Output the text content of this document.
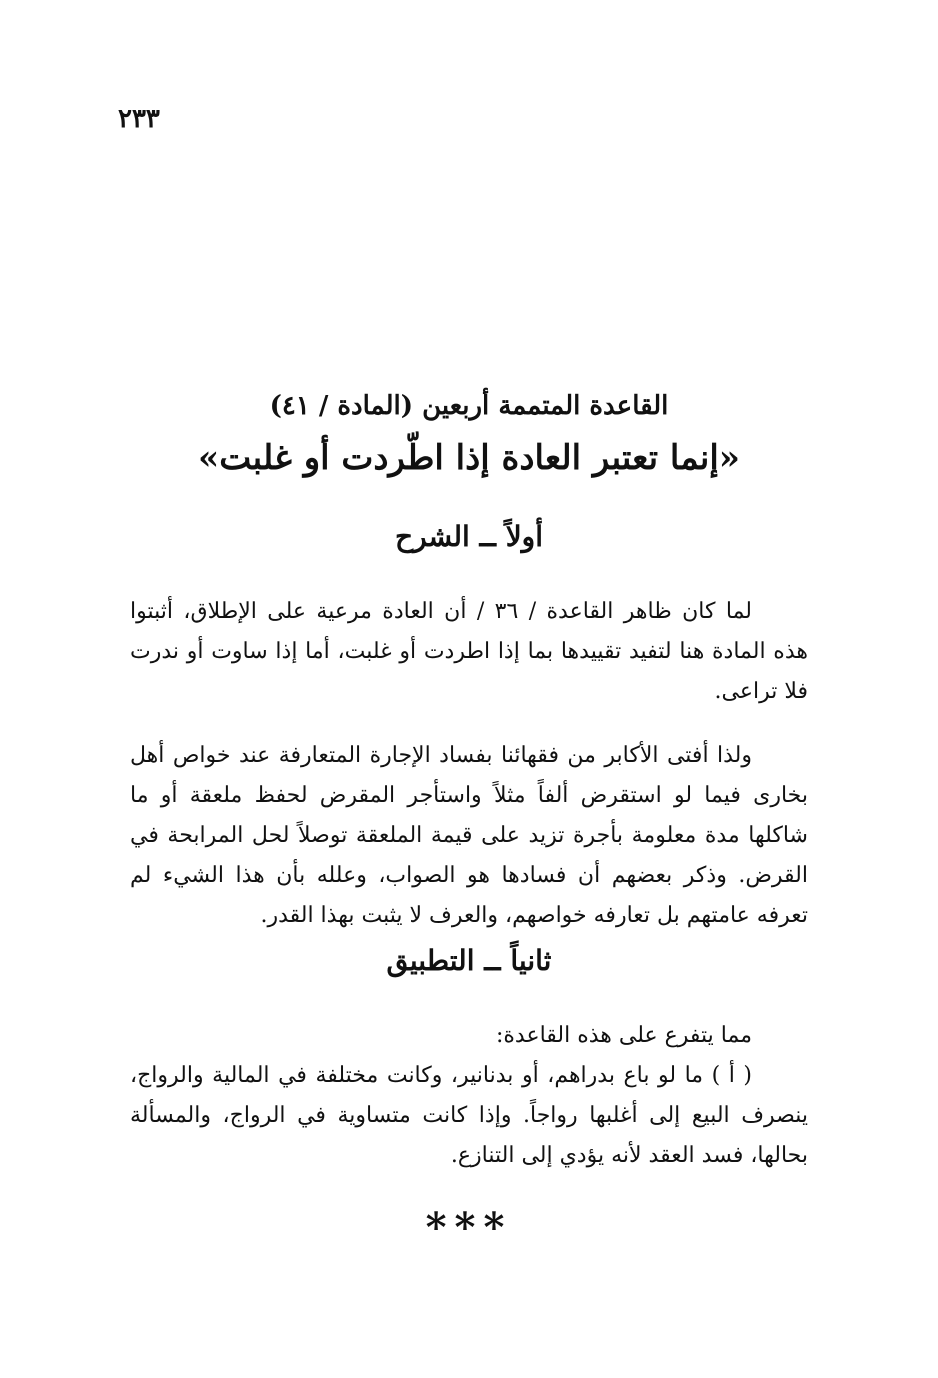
٢٣٣
القاعدة المتممة أربعين (المادة / ٤١)
«إنما تعتبر العادة إذا اطّردت أو غلبت»
أولاً ــ الشرح

لما كان ظاهر القاعدة / ٣٦ / أن العادة مرعية على الإطلاق، أثبتوا هذه المادة هنا لتفيد تقييدها بما إذا اطردت أو غلبت، أما إذا ساوت أو ندرت فلا تراعى.

ولذا أفتى الأكابر من فقهائنا بفساد الإجارة المتعارفة عند خواص أهل بخارى فيما لو استقرض ألفاً مثلاً واستأجر المقرض لحفظ ملعقة أو ما شاكلها مدة معلومة بأجرة تزيد على قيمة الملعقة توصلاً لحل المرابحة في القرض. وذكر بعضهم أن فسادها هو الصواب، وعلله بأن هذا الشيء لم تعرفه عامتهم بل تعارفه خواصهم، والعرف لا يثبت بهذا القدر.

ثانياً ــ التطبيق

مما يتفرع على هذه القاعدة:

( أ ) ما لو باع بدراهم، أو بدنانير، وكانت مختلفة في المالية والرواج، ينصرف البيع إلى أغلبها رواجاً. وإذا كانت متساوية في الرواج، والمسألة بحالها، فسد العقد لأنه يؤدي إلى التنازع.

***
